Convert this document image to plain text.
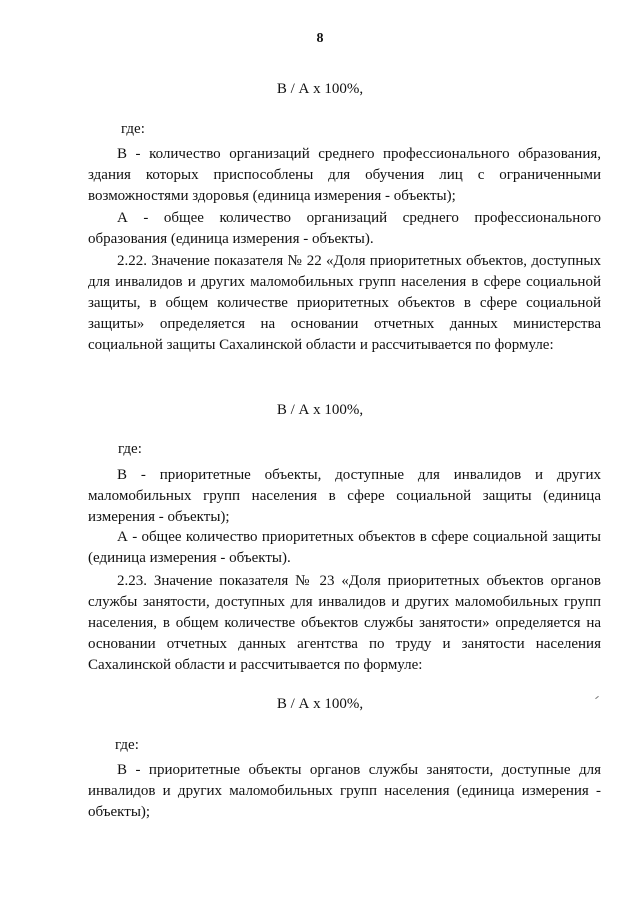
8
В / А х 100%,
где:
В - количество организаций среднего профессионального образования, здания которых приспособлены для обучения лиц с ограниченными возможностями здоровья (единица измерения - объекты);
А - общее количество организаций среднего профессионального образования (единица измерения - объекты).
2.22. Значение показателя № 22 «Доля приоритетных объектов, доступных для инвалидов и других маломобильных групп населения в сфере социальной защиты, в общем количестве приоритетных объектов в сфере социальной защиты» определяется на основании отчетных данных министерства социальной защиты Сахалинской области и рассчитывается по формуле:
В / А х 100%,
где:
В - приоритетные объекты, доступные для инвалидов и других маломобильных групп населения в сфере социальной защиты (единица измерения - объекты);
А - общее количество приоритетных объектов в сфере социальной защиты (единица измерения - объекты).
2.23. Значение показателя № 23 «Доля приоритетных объектов органов службы занятости, доступных для инвалидов и других маломобильных групп населения, в общем количестве объектов службы занятости» определяется на основании отчетных данных агентства по труду и занятости населения Сахалинской области и рассчитывается по формуле:
В / А х 100%,
где:
В - приоритетные объекты органов службы занятости, доступные для инвалидов и других маломобильных групп населения (единица измерения - объекты);
